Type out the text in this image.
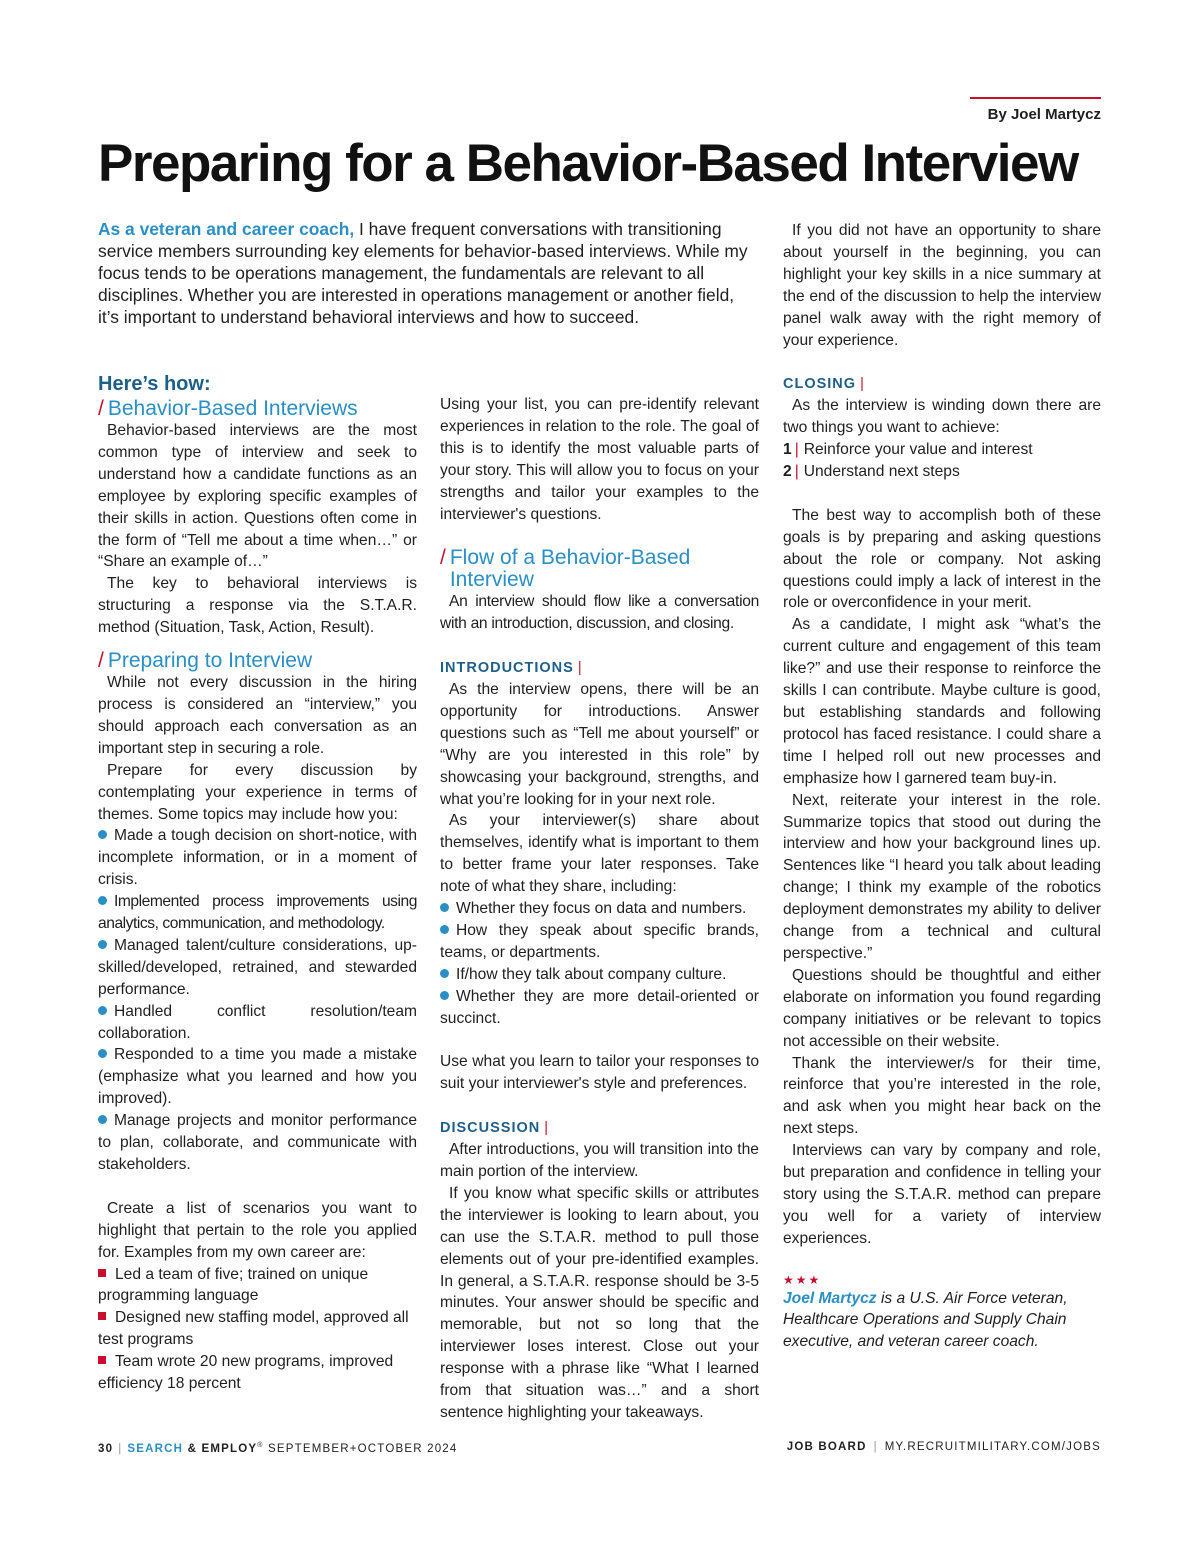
By Joel Martycz
Preparing for a Behavior-Based Interview

As a veteran and career coach, I have frequent conversations with transitioning service members surrounding key elements for behavior-based interviews. While my focus tends to be operations management, the fundamentals are relevant to all disciplines. Whether you are interested in operations management or another field, it’s important to understand behavioral interviews and how to succeed.

Here’s how:

/ Behavior-Based Interviews

Behavior-based interviews are the most common type of interview and seek to understand how a candidate functions as an employee by exploring specific examples of their skills in action. Questions often come in the form of “Tell me about a time when…” or “Share an example of…”

The key to behavioral interviews is structuring a response via the S.T.A.R. method (Situation, Task, Action, Result).

/ Preparing to Interview

While not every discussion in the hiring process is considered an “interview,” you should approach each conversation as an important step in securing a role.

Prepare for every discussion by contemplating your experience in terms of themes. Some topics may include how you:

Made a tough decision on short-notice, with incomplete information, or in a moment of crisis.

Implemented process improvements using analytics, communication, and methodology.

Managed talent/culture considerations, up-skilled/developed, retrained, and stewarded performance.

Handled conflict resolution/team collaboration.

Responded to a time you made a mistake (emphasize what you learned and how you improved).

Manage projects and monitor performance to plan, collaborate, and communicate with stakeholders.

Create a list of scenarios you want to highlight that pertain to the role you applied for. Examples from my own career are:

Led a team of five; trained on unique programming language

Designed new staffing model, approved all test programs

Team wrote 20 new programs, improved efficiency 18 percent

Using your list, you can pre-identify relevant experiences in relation to the role. The goal of this is to identify the most valuable parts of your story. This will allow you to focus on your strengths and tailor your examples to the interviewer's questions.

/ Flow of a Behavior-Based
Interview

An interview should flow like a conversation with an introduction, discussion, and closing.

INTRODUCTIONS |

As the interview opens, there will be an opportunity for introductions. Answer questions such as “Tell me about yourself” or “Why are you interested in this role” by showcasing your background, strengths, and what you’re looking for in your next role.

As your interviewer(s) share about themselves, identify what is important to them to better frame your later responses. Take note of what they share, including:

Whether they focus on data and numbers.

How they speak about specific brands, teams, or departments.

If/how they talk about company culture.

Whether they are more detail-oriented or succinct.

Use what you learn to tailor your responses to suit your interviewer's style and preferences.

DISCUSSION |

After introductions, you will transition into the main portion of the interview.

If you know what specific skills or attributes the interviewer is looking to learn about, you can use the S.T.A.R. method to pull those elements out of your pre-identified examples. In general, a S.T.A.R. response should be 3-5 minutes. Your answer should be specific and memorable, but not so long that the interviewer loses interest. Close out your response with a phrase like “What I learned from that situation was…” and a short sentence highlighting your takeaways.

If you did not have an opportunity to share about yourself in the beginning, you can highlight your key skills in a nice summary at the end of the discussion to help the interview panel walk away with the right memory of your experience.

CLOSING |

As the interview is winding down there are two things you want to achieve:

1 | Reinforce your value and interest

2 | Understand next steps

The best way to accomplish both of these goals is by preparing and asking questions about the role or company. Not asking questions could imply a lack of interest in the role or overconfidence in your merit.

As a candidate, I might ask “what’s the current culture and engagement of this team like?” and use their response to reinforce the skills I can contribute. Maybe culture is good, but establishing standards and following protocol has faced resistance. I could share a time I helped roll out new processes and emphasize how I garnered team buy-in.

Next, reiterate your interest in the role. Summarize topics that stood out during the interview and how your background lines up. Sentences like “I heard you talk about leading change; I think my example of the robotics deployment demonstrates my ability to deliver change from a technical and cultural perspective.”

Questions should be thoughtful and either elaborate on information you found regarding company initiatives or be relevant to topics not accessible on their website.

Thank the interviewer/s for their time, reinforce that you’re interested in the role, and ask when you might hear back on the next steps.

Interviews can vary by company and role, but preparation and confidence in telling your story using the S.T.A.R. method can prepare you well for a variety of interview experiences.

★★★

Joel Martycz is a U.S. Air Force veteran, Healthcare Operations and Supply Chain executive, and veteran career coach.

30 | SEARCH & EMPLOY® SEPTEMBER+OCTOBER 2024	JOB BOARD | MY.RECRUITMILITARY.COM/JOBS
